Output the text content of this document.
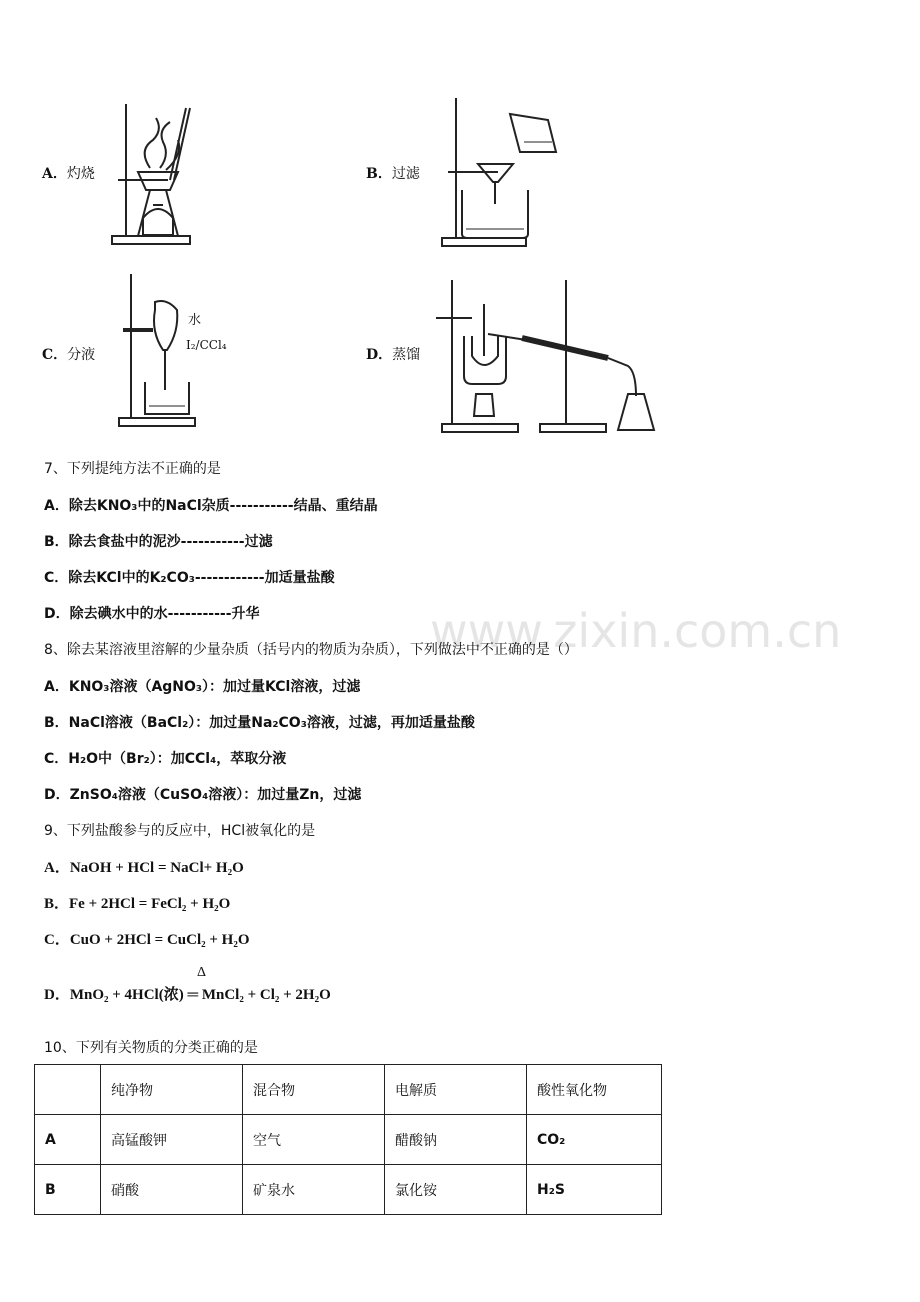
A．灼烧	B．过滤
C．分液	D．蒸馏
水
I₂/CCl₄
www.zixin.com.cn
7、下列提纯方法不正确的是
A．除去KNO₃中的NaCl杂质-----------结晶、重结晶
B．除去食盐中的泥沙-----------过滤
C．除去KCl中的K₂CO₃------------加适量盐酸
D．除去碘水中的水-----------升华
8、除去某溶液里溶解的少量杂质（括号内的物质为杂质），下列做法中不正确的是（）
A．KNO₃溶液（AgNO₃）：加过量KCl溶液，过滤
B．NaCl溶液（BaCl₂）：加过量Na₂CO₃溶液，过滤，再加适量盐酸
C．H₂O中（Br₂）：加CCl₄，萃取分液
D．ZnSO₄溶液（CuSO₄溶液）：加过量Zn，过滤
9、下列盐酸参与的反应中，HCl被氧化的是
A．NaOH + HCl = NaCl+ H₂O
B．Fe + 2HCl = FeCl₂ + H₂O
C．CuO + 2HCl = CuCl₂ + H₂O
Δ
D．MnO₂ + 4HCl(浓) ═ MnCl₂ + Cl₂ + 2H₂O
10、下列有关物质的分类正确的是
	纯净物	混合物	电解质	酸性氧化物
A	高锰酸钾	空气	醋酸钠	CO₂
B	硝酸	矿泉水	氯化铵	H₂S
